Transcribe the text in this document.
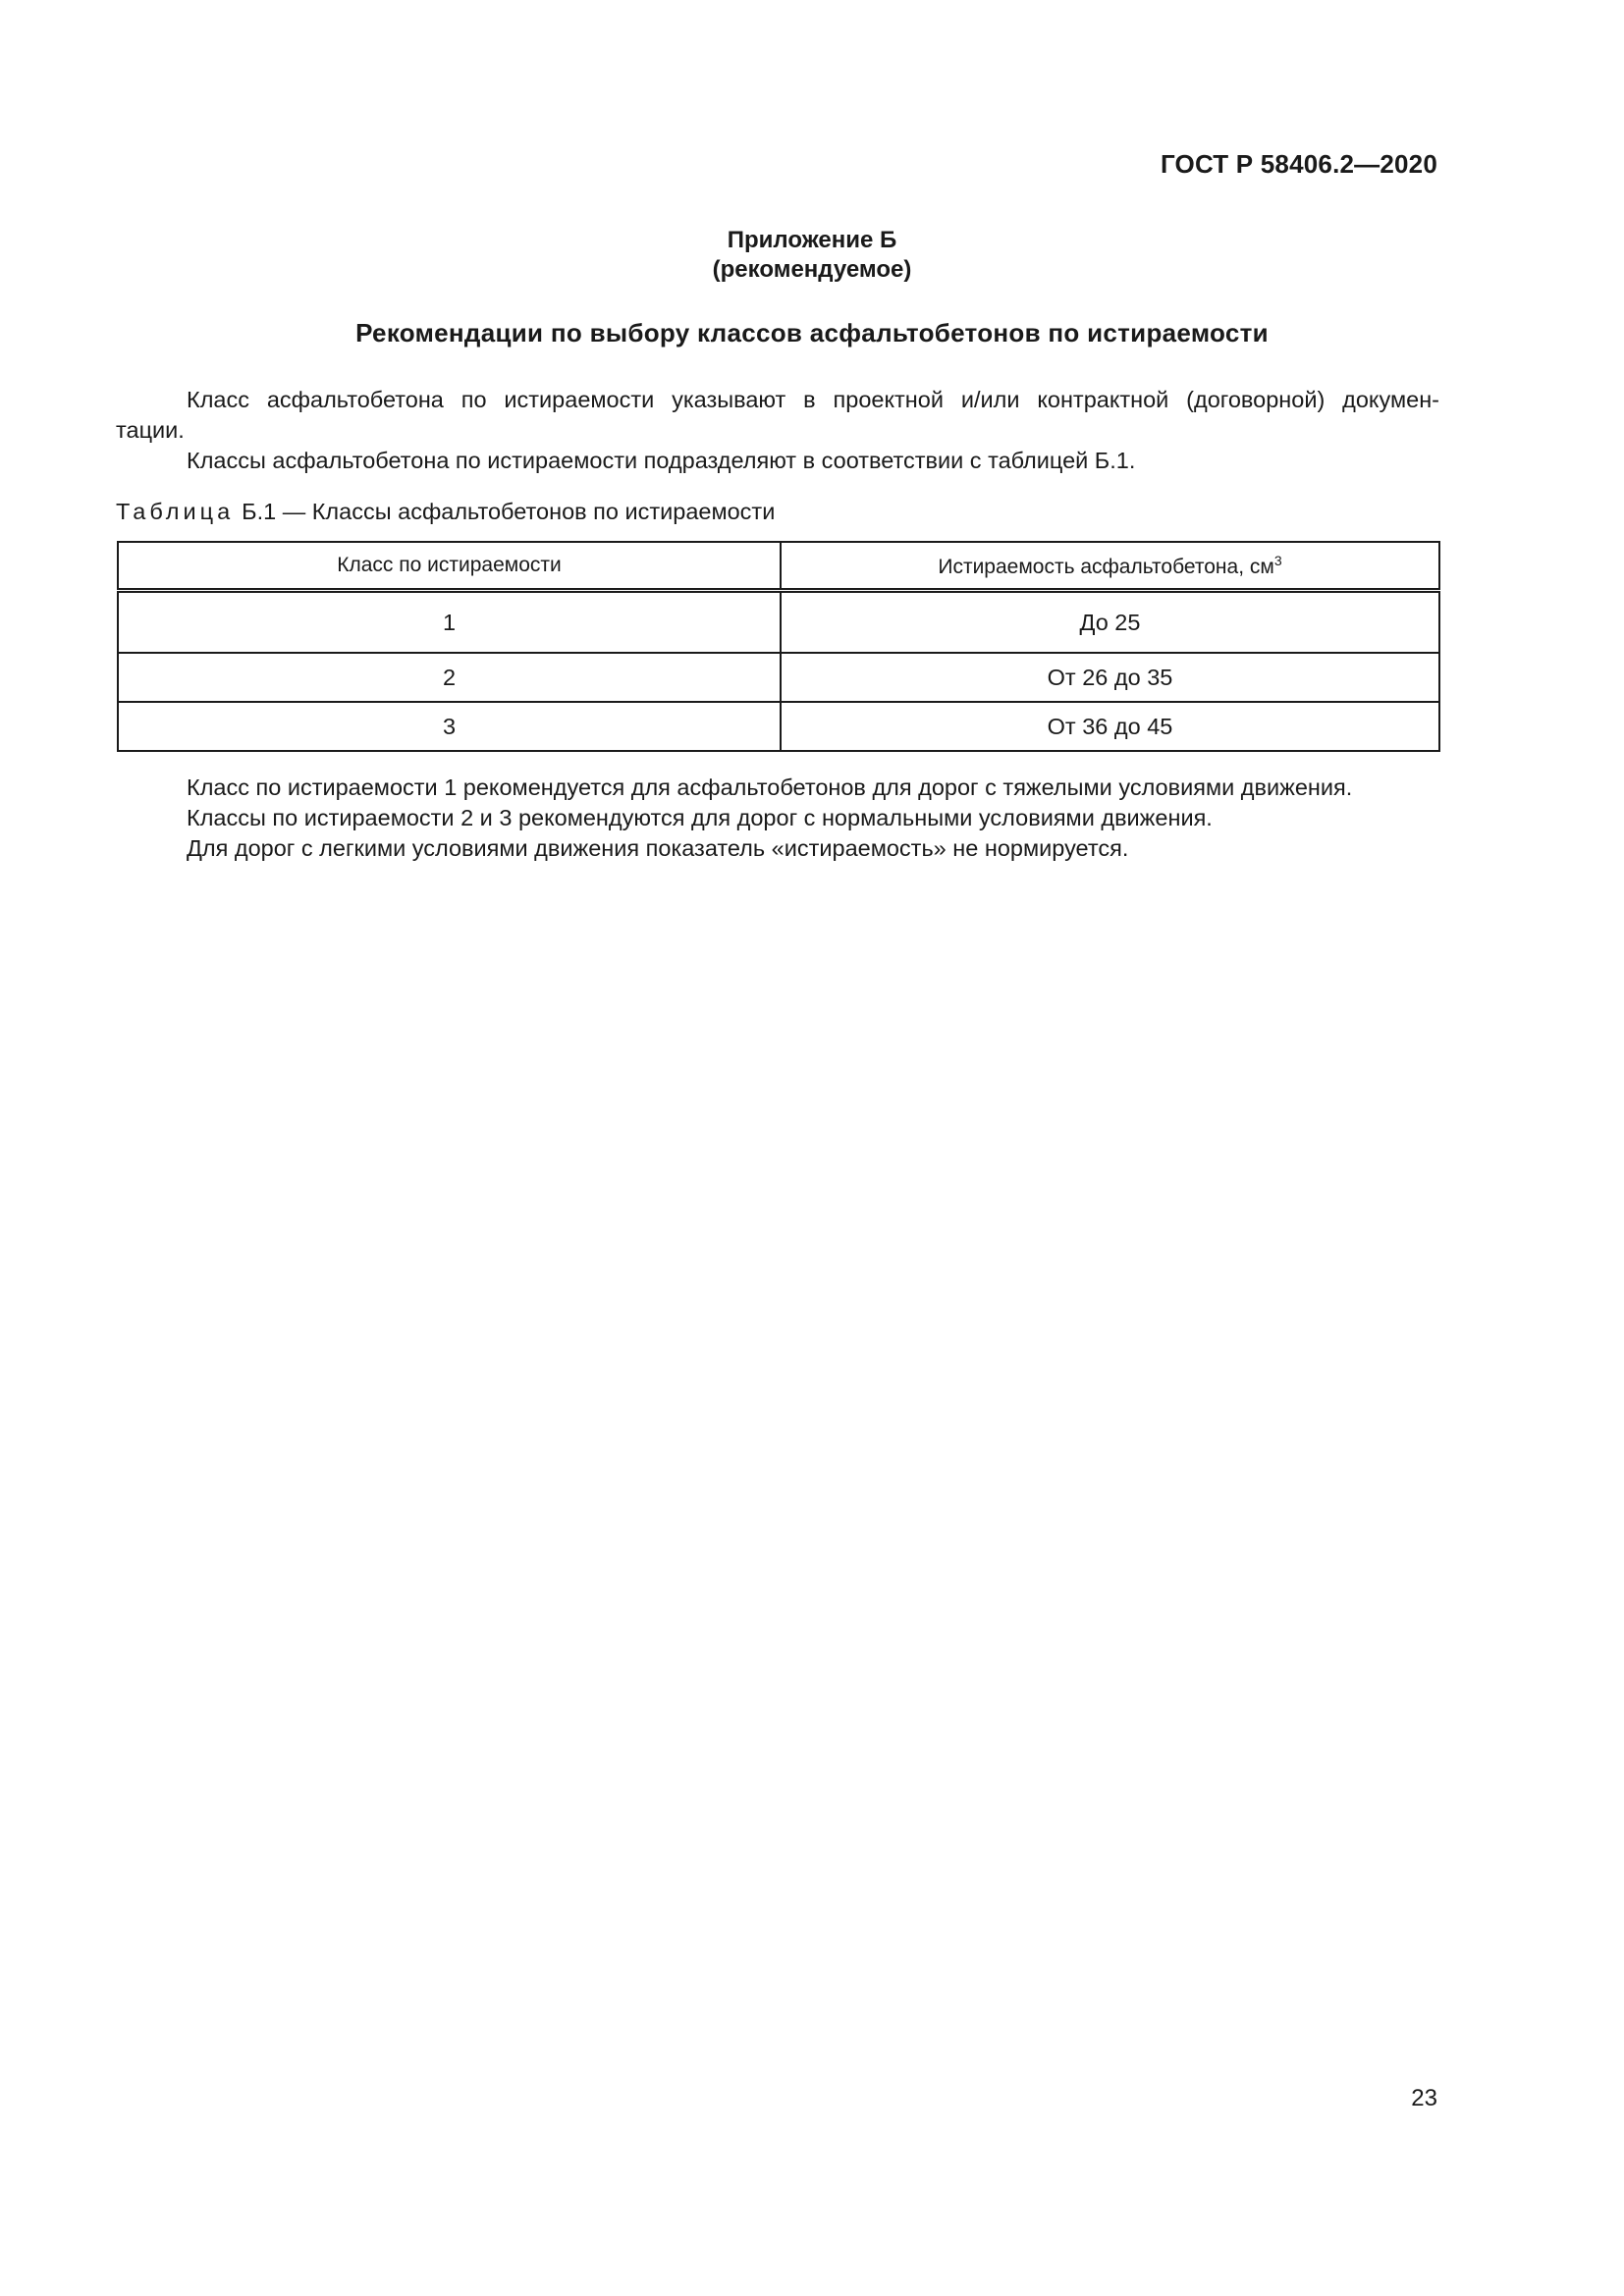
ГОСТ Р 58406.2—2020
Приложение Б
(рекомендуемое)
Рекомендации по выбору классов асфальтобетонов по истираемости
Класс асфальтобетона по истираемости указывают в проектной и/или контрактной (договорной) докумен-
тации.
Классы асфальтобетона по истираемости подразделяют в соответствии с таблицей Б.1.
Таблица Б.1 — Классы асфальтобетонов по истираемости
Класс по истираемости	Истираемость асфальтобетона, $см^3$
1	До 25
2	От 26 до 35
3	От 36 до 45
Класс по истираемости 1 рекомендуется для асфальтобетонов для дорог с тяжелыми условиями движения.
Классы по истираемости 2 и 3 рекомендуются для дорог с нормальными условиями движения.
Для дорог с легкими условиями движения показатель «истираемость» не нормируется.
23
